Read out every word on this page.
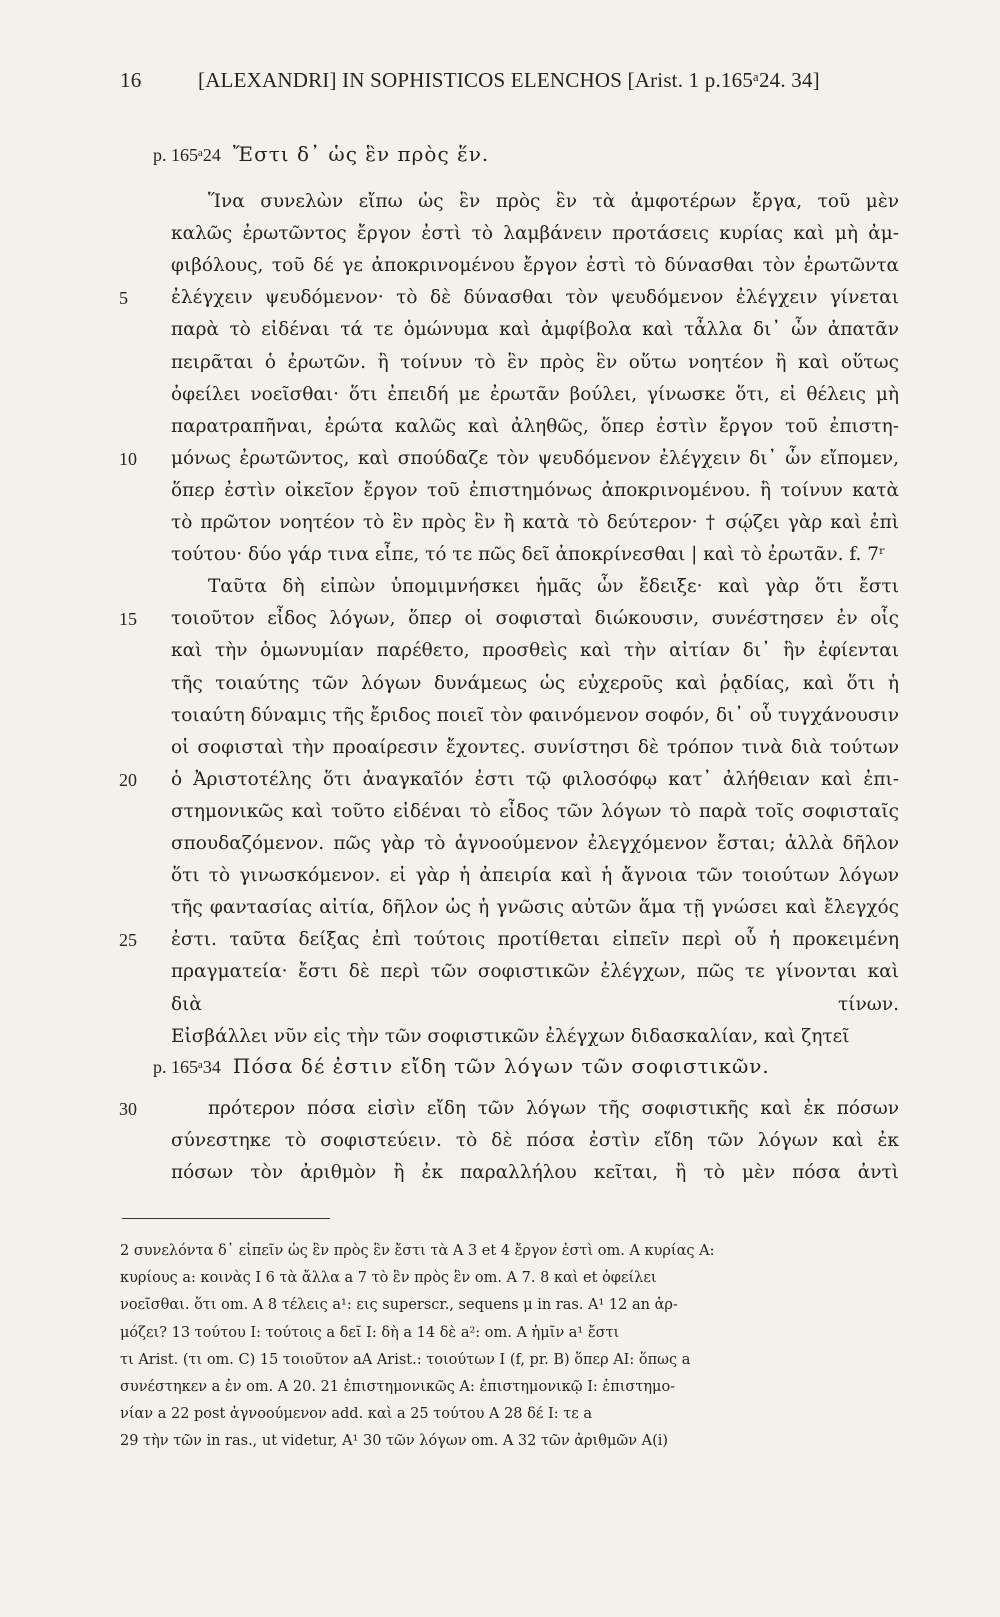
16	[ALEXANDRI] IN SOPHISTICOS ELENCHOS [Arist. 1 p.165ᵃ24. 34]
p. 165ᵃ24 Ἔστι δ᾽ ὡς ἓν πρὸς ἕν.
Ἵνα συνελὼν εἴπω ὡς ἓν πρὸς ἓν τὰ ἀμφοτέρων ἔργα, τοῦ μὲν
καλῶς ἐρωτῶντος ἔργον ἐστὶ τὸ λαμβάνειν προτάσεις κυρίας καὶ μὴ ἀμ-
φιβόλους, τοῦ δέ γε ἀποκρινομένου ἔργον ἐστὶ τὸ δύνασθαι τὸν ἐρωτῶντα
5	ἐλέγχειν ψευδόμενον· τὸ δὲ δύνασθαι τὸν ψευδόμενον ἐλέγχειν γίνεται
παρὰ τὸ εἰδέναι τά τε ὁμώνυμα καὶ ἀμφίβολα καὶ τἆλλα δι᾽ ὧν ἀπατᾶν
πειρᾶται ὁ ἐρωτῶν. ἢ τοίνυν τὸ ἓν πρὸς ἓν οὕτω νοητέον ἢ καὶ οὕτως
ὀφείλει νοεῖσθαι· ὅτι ἐπειδή με ἐρωτᾶν βούλει, γίνωσκε ὅτι, εἰ θέλεις μὴ
παρατραπῆναι, ἐρώτα καλῶς καὶ ἀληθῶς, ὅπερ ἐστὶν ἔργον τοῦ ἐπιστη-
10	μόνως ἐρωτῶντος, καὶ σπούδαζε τὸν ψευδόμενον ἐλέγχειν δι᾽ ὧν εἴπομεν,
ὅπερ ἐστὶν οἰκεῖον ἔργον τοῦ ἐπιστημόνως ἀποκρινομένου. ἢ τοίνυν κατὰ
τὸ πρῶτον νοητέον τὸ ἓν πρὸς ἓν ἢ κατὰ τὸ δεύτερον· † σῴζει γὰρ καὶ ἐπὶ
τούτου· δύο γάρ τινα εἶπε, τό τε πῶς δεῖ ἀποκρίνεσθαι | καὶ τὸ ἐρωτᾶν. f. 7ʳ
Ταῦτα δὴ εἰπὼν ὑπομιμνήσκει ἡμᾶς ὧν ἔδειξε· καὶ γὰρ ὅτι ἔστι
15	τοιοῦτον εἶδος λόγων, ὅπερ οἱ σοφισταὶ διώκουσιν, συνέστησεν ἐν οἷς
καὶ τὴν ὁμωνυμίαν παρέθετο, προσθεὶς καὶ τὴν αἰτίαν δι᾽ ἣν ἐφίενται
τῆς τοιαύτης τῶν λόγων δυνάμεως ὡς εὐχεροῦς καὶ ῥᾳδίας, καὶ ὅτι ἡ
τοιαύτη δύναμις τῆς ἔριδος ποιεῖ τὸν φαινόμενον σοφόν, δι᾽ οὗ τυγχάνουσιν
οἱ σοφισταὶ τὴν προαίρεσιν ἔχοντες. συνίστησι δὲ τρόπον τινὰ διὰ τούτων
20	ὁ Ἀριστοτέλης ὅτι ἀναγκαῖόν ἐστι τῷ φιλοσόφῳ κατ᾽ ἀλήθειαν καὶ ἐπι-
στημονικῶς καὶ τοῦτο εἰδέναι τὸ εἶδος τῶν λόγων τὸ παρὰ τοῖς σοφισταῖς
σπουδαζόμενον. πῶς γὰρ τὸ ἀγνοούμενον ἐλεγχόμενον ἔσται; ἀλλὰ δῆλον
ὅτι τὸ γινωσκόμενον. εἰ γὰρ ἡ ἀπειρία καὶ ἡ ἄγνοια τῶν τοιούτων λόγων
τῆς φαντασίας αἰτία, δῆλον ὡς ἡ γνῶσις αὐτῶν ἅμα τῇ γνώσει καὶ ἔλεγχός
25	ἐστι. ταῦτα δείξας ἐπὶ τούτοις προτίθεται εἰπεῖν περὶ οὗ ἡ προκειμένη
πραγματεία· ἔστι δὲ περὶ τῶν σοφιστικῶν ἐλέγχων, πῶς τε γίνονται καὶ
διὰ τίνων.
Εἰσβάλλει νῦν εἰς τὴν τῶν σοφιστικῶν ἐλέγχων διδασκαλίαν, καὶ ζητεῖ
30	πρότερον πόσα εἰσὶν εἴδη τῶν λόγων τῆς σοφιστικῆς καὶ ἐκ πόσων
σύνεστηκε τὸ σοφιστεύειν. τὸ δὲ πόσα ἐστὶν εἴδη τῶν λόγων καὶ ἐκ
πόσων τὸν ἀριθμὸν ἢ ἐκ παραλλήλου κεῖται, ἢ τὸ μὲν πόσα ἀντὶ
p. 165ᵃ34 Πόσα δέ ἐστιν εἴδη τῶν λόγων τῶν σοφιστικῶν.
2 συνελόντα δ᾽ εἰπεῖν ὡς ἓν πρὸς ἓν ἔστι τὰ A 3 et 4 ἔργον ἐστὶ om. A κυρίας A:
κυρίους a: κοινὰς I 6 τὰ ἄλλα a 7 τὸ ἓν πρὸς ἓν om. A 7. 8 καὶ et ὀφείλει
νοεῖσθαι. ὅτι om. A 8 τέλεις a¹: εις superscr., sequens μ in ras. A¹ 12 an ἁρ-
μόζει? 13 τούτου I: τούτοις a δεῖ I: δὴ a 14 δὲ a²: om. A ἡμῖν a¹ ἔστι
τι Arist. (τι om. C) 15 τοιοῦτον aA Arist.: τοιούτων I (f, pr. B) ὅπερ AI: ὅπως a
συνέστηκεν a ἐν om. A 20. 21 ἐπιστημονικῶς A: ἐπιστημονικῷ I: ἐπιστημο-
νίαν a 22 post ἀγνοούμενον add. καὶ a 25 τούτου A 28 δέ I: τε a
29 τὴν τῶν in ras., ut videtur, A¹ 30 τῶν λόγων om. A 32 τῶν ἀριθμῶν A(i)
